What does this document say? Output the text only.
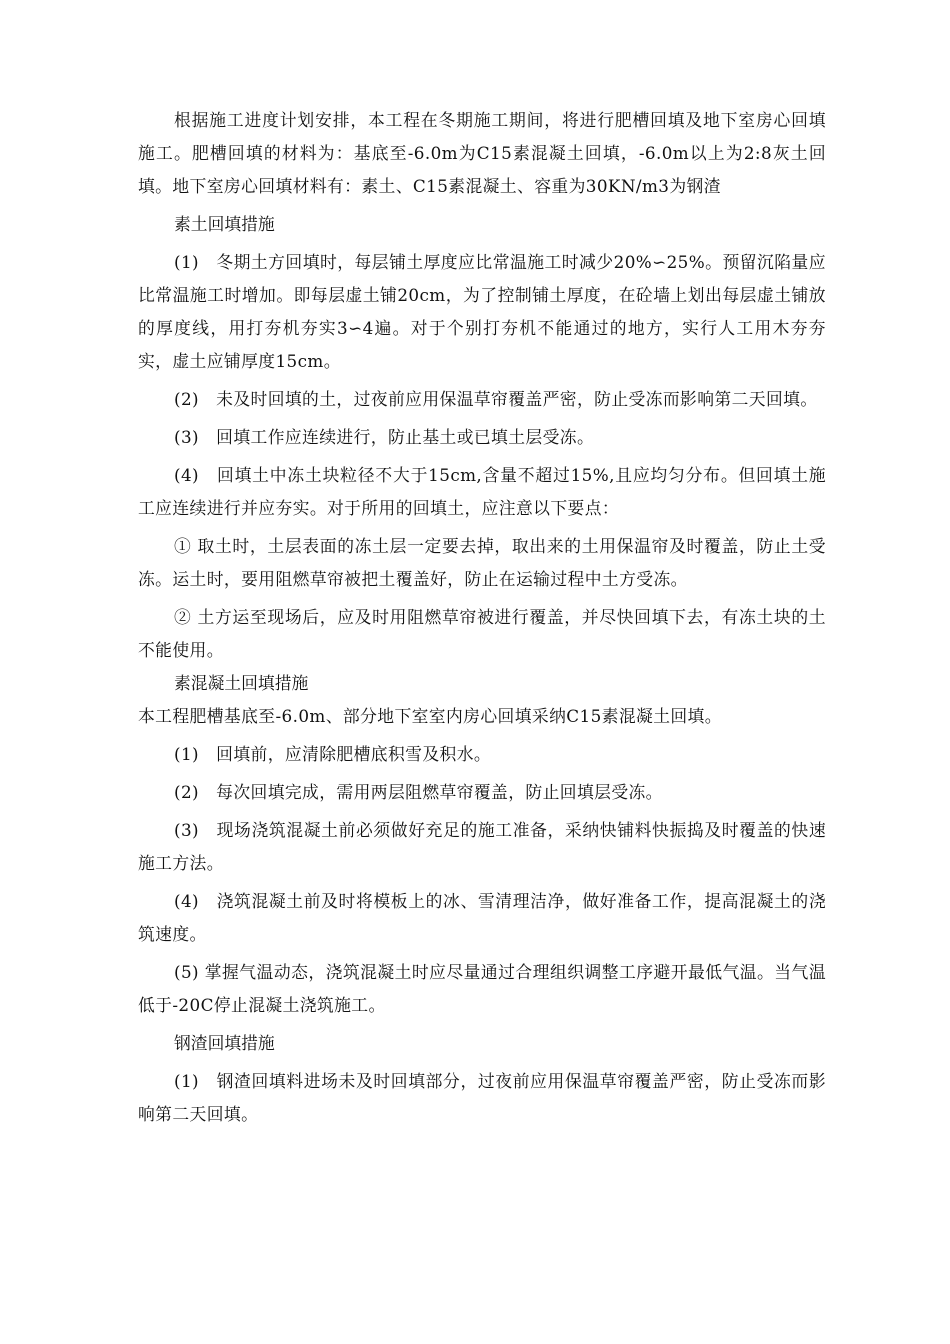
根据施工进度计划安排，本工程在冬期施工期间，将进行肥槽回填及地下室房心回填施工。肥槽回填的材料为：基底至-6.0m为C15素混凝土回填，-6.0m以上为2:8灰土回填。地下室房心回填材料有：素土、C15素混凝土、容重为30KN/m3为钢渣

素土回填措施

(1)　冬期土方回填时，每层铺土厚度应比常温施工时减少20%∽25%。预留沉陷量应比常温施工时增加。即每层虚土铺20cm，为了控制铺土厚度，在砼墙上划出每层虚土铺放的厚度线，用打夯机夯实3∽4遍。对于个别打夯机不能通过的地方，实行人工用木夯夯实，虚土应铺厚度15cm。

(2)　未及时回填的土，过夜前应用保温草帘覆盖严密，防止受冻而影响第二天回填。

(3)　回填工作应连续进行，防止基土或已填土层受冻。

(4)　回填土中冻土块粒径不大于15cm,含量不超过15%,且应均匀分布。但回填土施工应连续进行并应夯实。对于所用的回填土，应注意以下要点：

① 取土时，土层表面的冻土层一定要去掉，取出来的土用保温帘及时覆盖，防止土受冻。运土时，要用阻燃草帘被把土覆盖好，防止在运输过程中土方受冻。

② 土方运至现场后，应及时用阻燃草帘被进行覆盖，并尽快回填下去，有冻土块的土不能使用。

素混凝土回填措施

本工程肥槽基底至-6.0m、部分地下室室内房心回填采纳C15素混凝土回填。

(1)　回填前，应清除肥槽底积雪及积水。

(2)　每次回填完成，需用两层阻燃草帘覆盖，防止回填层受冻。

(3)　现场浇筑混凝土前必须做好充足的施工准备，采纳快铺料快振捣及时覆盖的快速施工方法。

(4)　浇筑混凝土前及时将模板上的冰、雪清理洁净，做好准备工作，提高混凝土的浇筑速度。

(5) 掌握气温动态，浇筑混凝土时应尽量通过合理组织调整工序避开最低气温。当气温低于-20C停止混凝土浇筑施工。

钢渣回填措施

(1)　钢渣回填料进场未及时回填部分，过夜前应用保温草帘覆盖严密，防止受冻而影响第二天回填。
